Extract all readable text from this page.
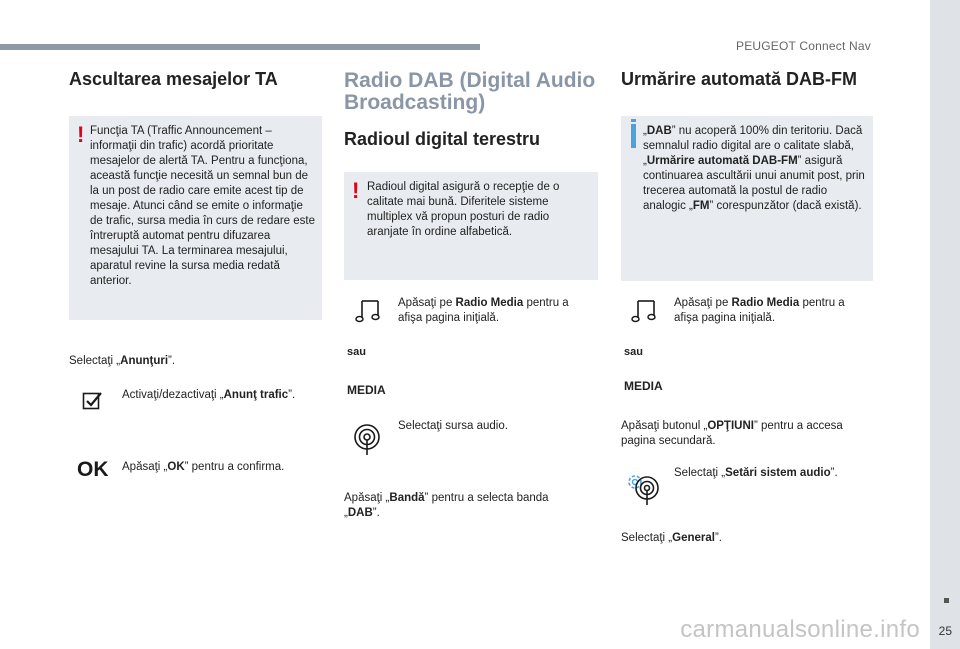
PEUGEOT Connect Nav
25
carmanualsonline.info
Ascultarea mesajelor TA
! Funcţia TA (Traffic Announcement – informaţii din trafic) acordă prioritate mesajelor de alertă TA. Pentru a funcţiona, această funcţie necesită un semnal bun de la un post de radio care emite acest tip de mesaje. Atunci când se emite o informaţie de trafic, sursa media în curs de redare este întreruptă automat pentru difuzarea mesajului TA. La terminarea mesajului, aparatul revine la sursa media redată anterior.

Selectaţi „Anunţuri”.

Activaţi/dezactivaţi „Anunţ trafic”.

OK Apăsaţi „OK” pentru a confirma.

Radio DAB (Digital Audio Broadcasting)
Radioul digital terestru
! Radioul digital asigură o recepţie de o calitate mai bună. Diferitele sisteme multiplex vă propun posturi de radio aranjate în ordine alfabetică.

Apăsaţi pe Radio Media pentru a afişa pagina iniţială.

sau

MEDIA

Selectaţi sursa audio.

Apăsaţi „Bandă” pentru a selecta banda „DAB”.

Urmărire automată DAB-FM

„DAB” nu acoperă 100% din teritoriu. Dacă semnalul radio digital are o calitate slabă, „Urmărire automată DAB-FM” asigură continuarea ascultării unui anumit post, prin trecerea automată la postul de radio analogic „FM” corespunzător (dacă există).

Apăsaţi pe Radio Media pentru a afişa pagina iniţială.

sau

MEDIA

Apăsaţi butonul „OPŢIUNI” pentru a accesa pagina secundară.

Selectaţi „Setări sistem audio”.

Selectaţi „General”.
